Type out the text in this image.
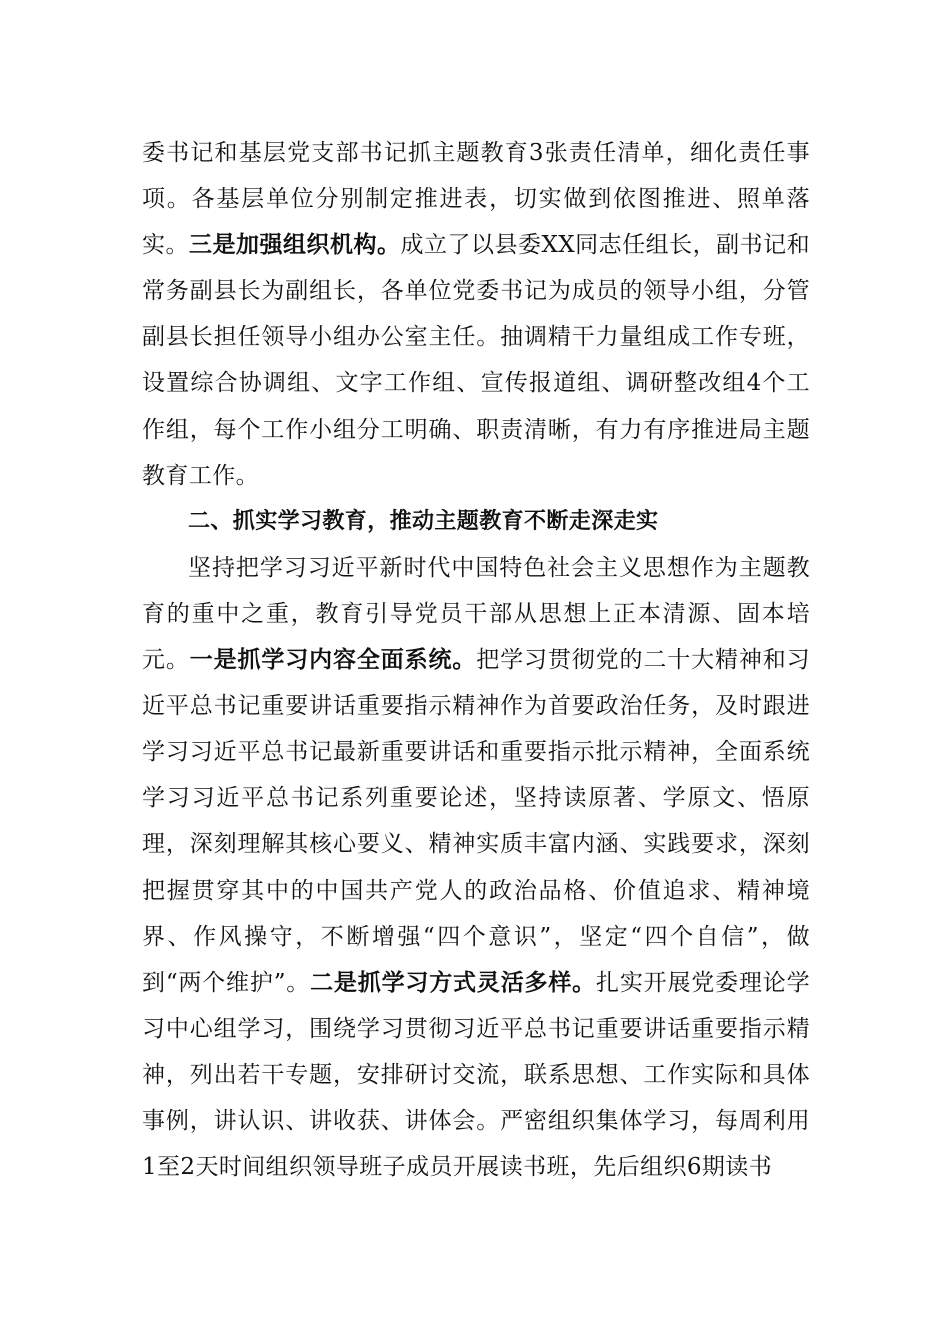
委书记和基层党支部书记抓主题教育3张责任清单，细化责任事项。各基层单位分别制定推进表，切实做到依图推进、照单落实。三是加强组织机构。成立了以县委XX同志任组长，副书记和常务副县长为副组长，各单位党委书记为成员的领导小组，分管副县长担任领导小组办公室主任。抽调精干力量组成工作专班，设置综合协调组、文字工作组、宣传报道组、调研整改组4个工作组，每个工作小组分工明确、职责清晰，有力有序推进局主题教育工作。

二、抓实学习教育，推动主题教育不断走深走实

坚持把学习习近平新时代中国特色社会主义思想作为主题教育的重中之重，教育引导党员干部从思想上正本清源、固本培元。一是抓学习内容全面系统。把学习贯彻党的二十大精神和习近平总书记重要讲话重要指示精神作为首要政治任务，及时跟进学习习近平总书记最新重要讲话和重要指示批示精神，全面系统学习习近平总书记系列重要论述，坚持读原著、学原文、悟原理，深刻理解其核心要义、精神实质丰富内涵、实践要求，深刻把握贯穿其中的中国共产党人的政治品格、价值追求、精神境界、作风操守，不断增强“四个意识”，坚定“四个自信”，做到“两个维护”。二是抓学习方式灵活多样。扎实开展党委理论学习中心组学习，围绕学习贯彻习近平总书记重要讲话重要指示精神，列出若干专题，安排研讨交流，联系思想、工作实际和具体事例，讲认识、讲收获、讲体会。严密组织集体学习，每周利用1至2天时间组织领导班子成员开展读书班，先后组织6期读书
